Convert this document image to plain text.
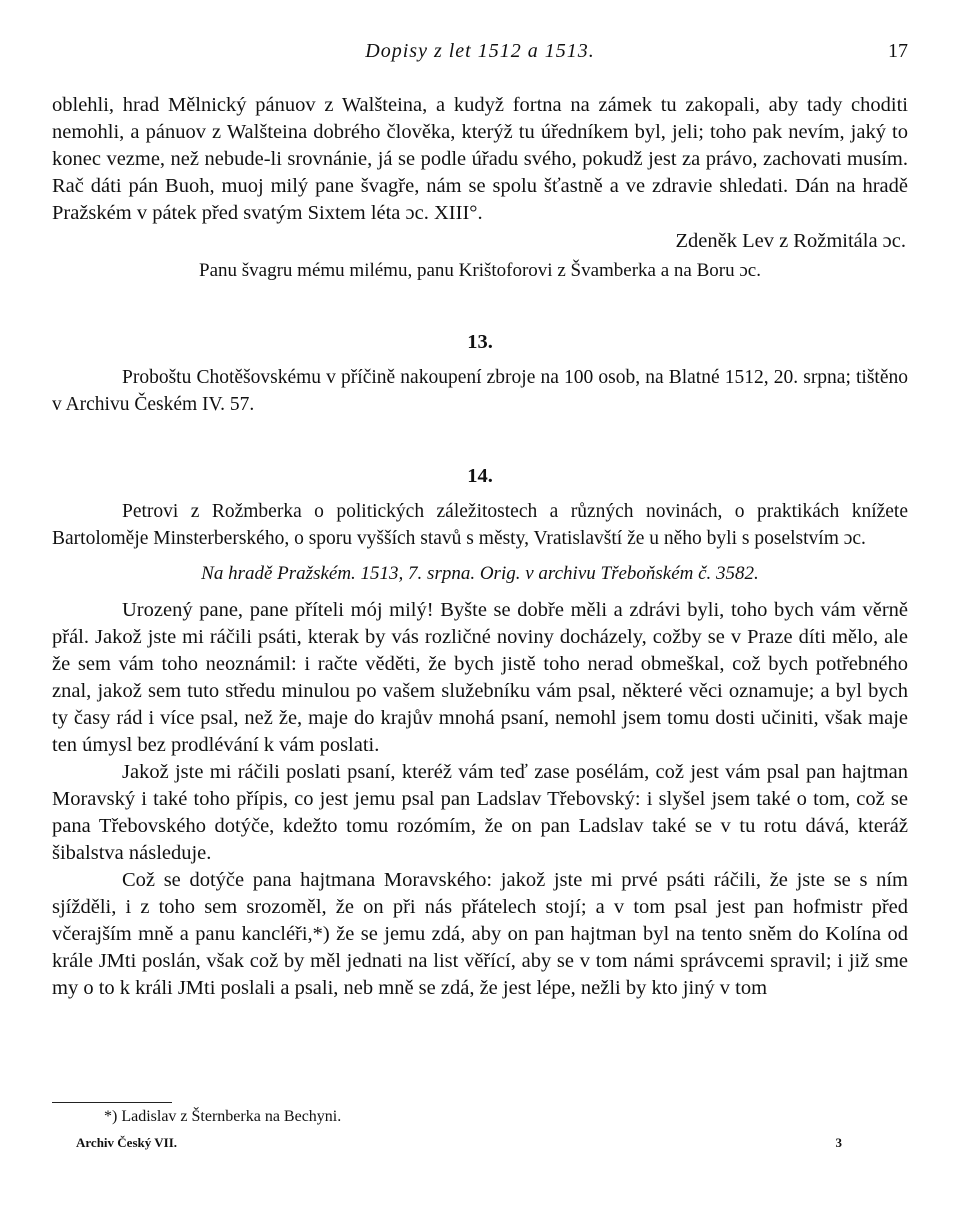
Dopisy z let 1512 a 1513.	17

oblehli, hrad Mělnický pánuov z Walšteina, a kudyž fortna na zámek tu zakopali, aby tady choditi nemohli, a pánuov z Walšteina dobrého člověka, kterýž tu úředníkem byl, jeli; toho pak nevím, jaký to konec vezme, než nebude-li srovnánie, já se podle úřadu svého, pokudž jest za právo, zachovati musím. Rač dáti pán Buoh, muoj milý pane švagře, nám se spolu šťastně a ve zdravie shledati. Dán na hradě Pražském v pátek před svatým Sixtem léta ɔc. XIII°.

Zdeněk Lev z Rožmitála ɔc.

Panu švagru mému milému, panu Krištoforovi z Švamberka a na Boru ɔc.

13.

Proboštu Chotěšovskému v příčině nakoupení zbroje na 100 osob, na Blatné 1512, 20. srpna; tištěno v Archivu Českém IV. 57.

14.

Petrovi z Rožmberka o politických záležitostech a různých novinách, o praktikách knížete Bartoloměje Minsterberského, o sporu vyšších stavů s městy, Vratislavští že u něho byli s poselstvím ɔc.

Na hradě Pražském. 1513, 7. srpna. Orig. v archivu Třeboňském č. 3582.

Urozený pane, pane příteli mój milý! Byšte se dobře měli a zdrávi byli, toho bych vám věrně přál. Jakož jste mi ráčili psáti, kterak by vás rozličné noviny docházely, cožby se v Praze díti mělo, ale že sem vám toho neoznámil: i račte věděti, že bych jistě toho nerad obmeškal, což bych potřebného znal, jakož sem tuto středu minulou po vašem služebníku vám psal, některé věci oznamuje; a byl bych ty časy rád i více psal, než že, maje do krajův mnohá psaní, nemohl jsem tomu dosti učiniti, však maje ten úmysl bez prodlévání k vám poslati.

Jakož jste mi ráčili poslati psaní, kteréž vám teď zase posélám, což jest vám psal pan hajtman Moravský i také toho přípis, co jest jemu psal pan Ladslav Třebovský: i slyšel jsem také o tom, což se pana Třebovského dotýče, kdežto tomu rozómím, že on pan Ladslav také se v tu rotu dává, kteráž šibalstva následuje.

Což se dotýče pana hajtmana Moravského: jakož jste mi prvé psáti ráčili, že jste se s ním sjížděli, i z toho sem srozoměl, že on při nás přátelech stojí; a v tom psal jest pan hofmistr před včerajším mně a panu kancléři,*) že se jemu zdá, aby on pan hajtman byl na tento sněm do Kolína od krále JMti poslán, však což by měl jednati na list věřící, aby se v tom námi správcemi spravil; i již sme my o to k králi JMti poslali a psali, neb mně se zdá, že jest lépe, nežli by kto jiný v tom

*) Ladislav z Šternberka na Bechyni.
Archiv Český VII.	3
